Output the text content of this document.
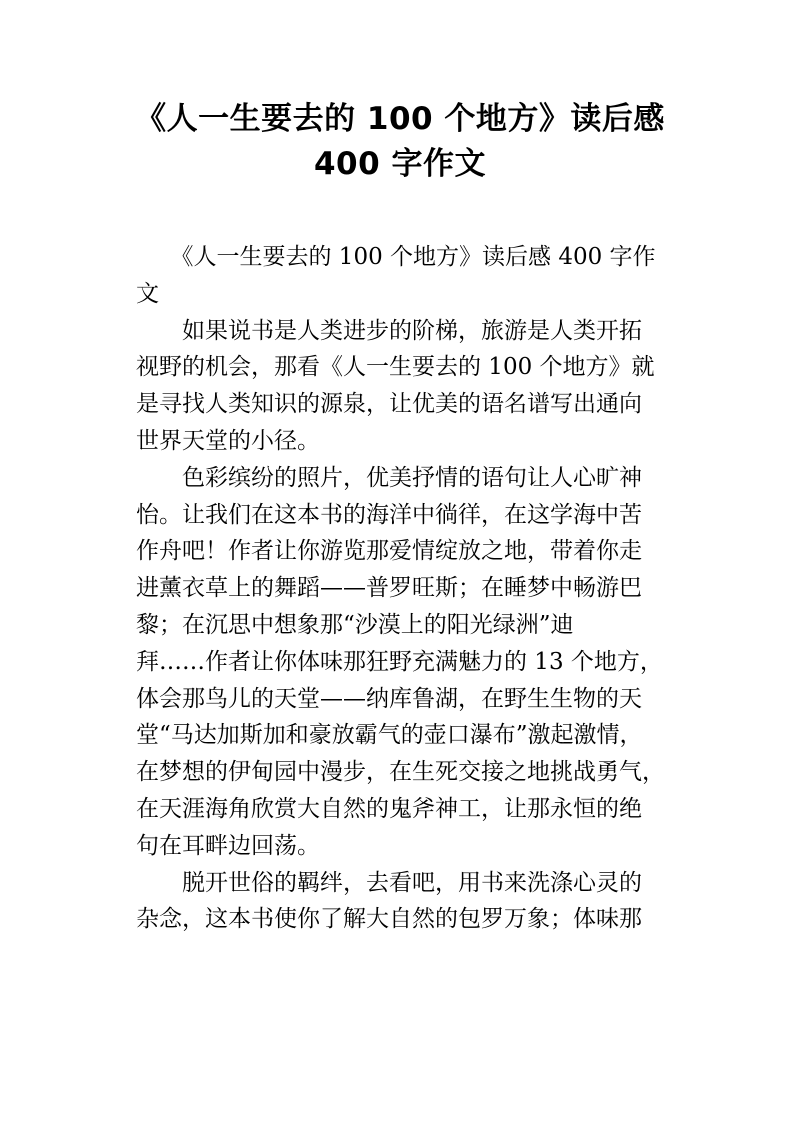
《人一生要去的 100 个地方》读后感
400 字作文
　　《人一生要去的 100 个地方》读后感 400 字作
文
　　如果说书是人类进步的阶梯，旅游是人类开拓
视野的机会，那看《人一生要去的 100 个地方》就
是寻找人类知识的源泉，让优美的语名谱写出通向
世界天堂的小径。
　　色彩缤纷的照片，优美抒情的语句让人心旷神
怡。让我们在这本书的海洋中徜徉，在这学海中苦
作舟吧！作者让你游览那爱情绽放之地，带着你走
进薰衣草上的舞蹈——普罗旺斯；在睡梦中畅游巴
黎；在沉思中想象那“沙漠上的阳光绿洲”迪
拜……作者让你体味那狂野充满魅力的 13 个地方，
体会那鸟儿的天堂——纳库鲁湖，在野生生物的天
堂“马达加斯加和豪放霸气的壶口瀑布”激起激情，
在梦想的伊甸园中漫步，在生死交接之地挑战勇气，
在天涯海角欣赏大自然的鬼斧神工，让那永恒的绝
句在耳畔边回荡。
　　脱开世俗的羁绊，去看吧，用书来洗涤心灵的
杂念，这本书使你了解大自然的包罗万象；体味那
